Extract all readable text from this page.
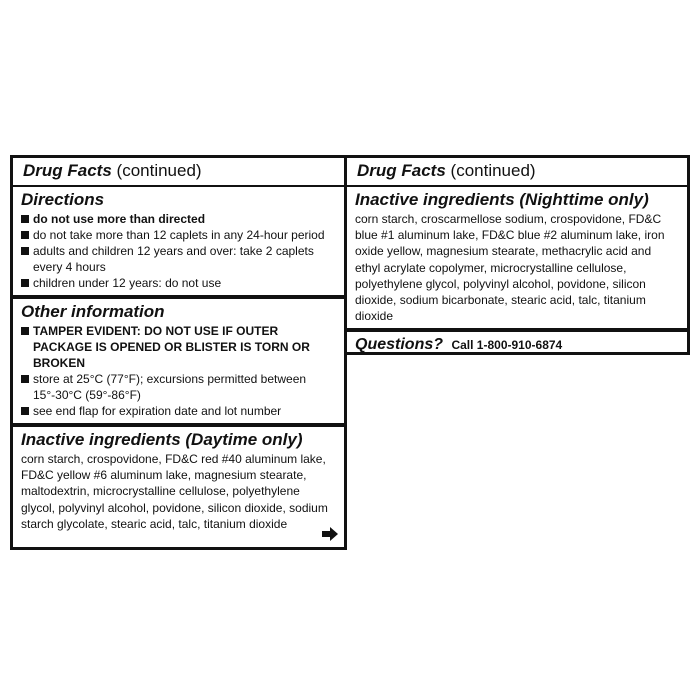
Drug Facts (continued)
Directions
do not use more than directed
do not take more than 12 caplets in any 24-hour period
adults and children 12 years and over: take 2 caplets every 4 hours
children under 12 years: do not use
Other information
TAMPER EVIDENT: DO NOT USE IF OUTER PACKAGE IS OPENED OR BLISTER IS TORN OR BROKEN
store at 25°C (77°F); excursions permitted between 15°-30°C (59°-86°F)
see end flap for expiration date and lot number
Inactive ingredients (Daytime only)
corn starch, crospovidone, FD&C red #40 aluminum lake, FD&C yellow #6 aluminum lake, magnesium stearate, maltodextrin, microcrystalline cellulose, polyethylene glycol, polyvinyl alcohol, povidone, silicon dioxide, sodium starch glycolate, stearic acid, talc, titanium dioxide
Drug Facts (continued)
Inactive ingredients (Nighttime only)
corn starch, croscarmellose sodium, crospovidone, FD&C blue #1 aluminum lake, FD&C blue #2 aluminum lake, iron oxide yellow, magnesium stearate, methacrylic acid and ethyl acrylate copolymer, microcrystalline cellulose, polyethylene glycol, polyvinyl alcohol, povidone, silicon dioxide, sodium bicarbonate, stearic acid, talc, titanium dioxide
Questions? Call 1-800-910-6874
